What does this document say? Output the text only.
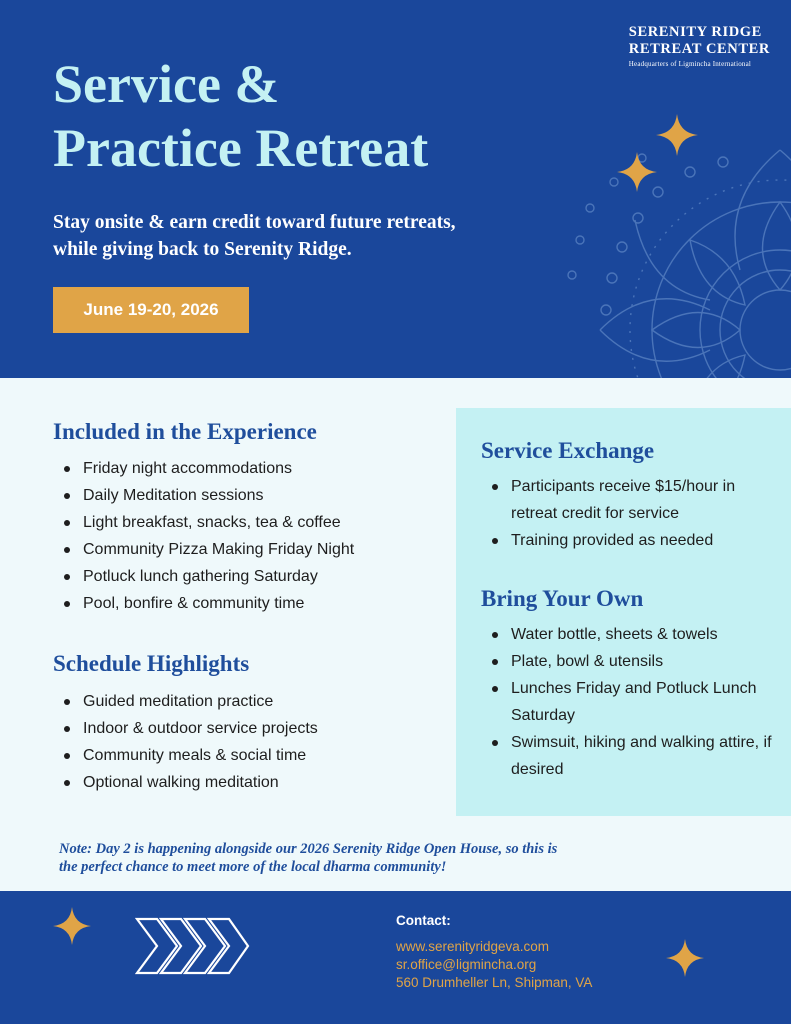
SERENITY RIDGE
RETREAT CENTER
Headquarters of Ligmincha International
Service &
Practice Retreat
Stay onsite & earn credit toward future retreats,
while giving back to Serenity Ridge.
June 19-20, 2026
Included in the Experience
Friday night accommodations
Daily Meditation sessions
Light breakfast, snacks, tea & coffee
Community Pizza Making Friday Night
Potluck lunch gathering Saturday
Pool, bonfire & community time
Schedule Highlights
Guided meditation practice
Indoor & outdoor service projects
Community meals & social time
Optional walking meditation
Service Exchange
Participants receive $15/hour in retreat credit for service
Training provided as needed
Bring Your Own
Water bottle, sheets & towels
Plate, bowl & utensils
Lunches Friday and Potluck Lunch Saturday
Swimsuit, hiking and walking attire, if desired
Note: Day 2 is happening alongside our 2026 Serenity Ridge Open House, so this is
the perfect chance to meet more of the local dharma community!
Contact:
www.serenityridgeva.com
sr.office@ligmincha.org
560 Drumheller Ln, Shipman, VA
